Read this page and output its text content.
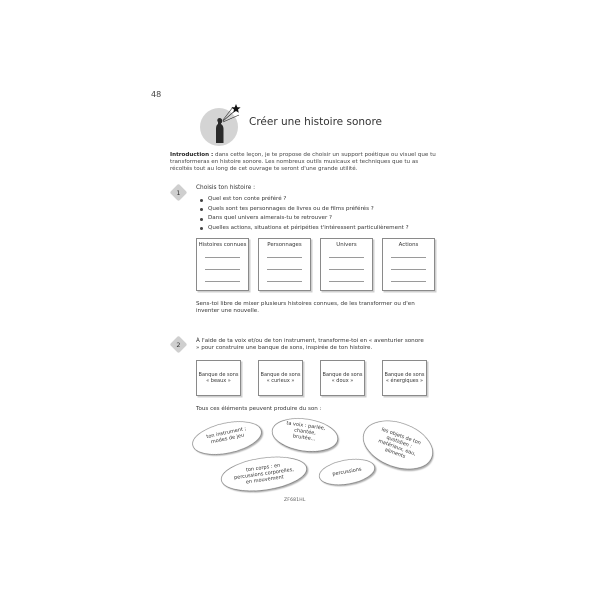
48
Créer une histoire sonore
Introduction : dans cette leçon, je te propose de choisir un support poétique ou visuel que tu transformeras en histoire sonore. Les nombreux outils musicaux et techniques que tu as récoltés tout au long de cet ouvrage te seront d'une grande utilité.
1
Choisis ton histoire :
Quel est ton conte préféré ?
Quels sont tes personnages de livres ou de films préférés ?
Dans quel univers aimerais-tu te retrouver ?
Quelles actions, situations et péripéties t'intéressent particulièrement ?
Histoires connues	Personnages	Univers	Actions
Sens-toi libre de mixer plusieurs histoires connues, de les transformer ou d'en inventer une nouvelle.
2	À l'aide de ta voix et/ou de ton instrument, transforme-toi en « aventurier sonore » pour construire une banque de sons, inspirée de ton histoire.
Banque de sons « beaux »
Banque de sons « curieux »
Banque de sons « doux »
Banque de sons « énergiques »
Tous ces éléments peuvent produire du son :
ton instrument ; modes de jeu
ta voix : parlée, chantée, bruitée...	les objets de ton quotidien : matériaux, eau, aliments
ton corps : en percussions corporelles, en mouvement
percussions
ZF681HL
